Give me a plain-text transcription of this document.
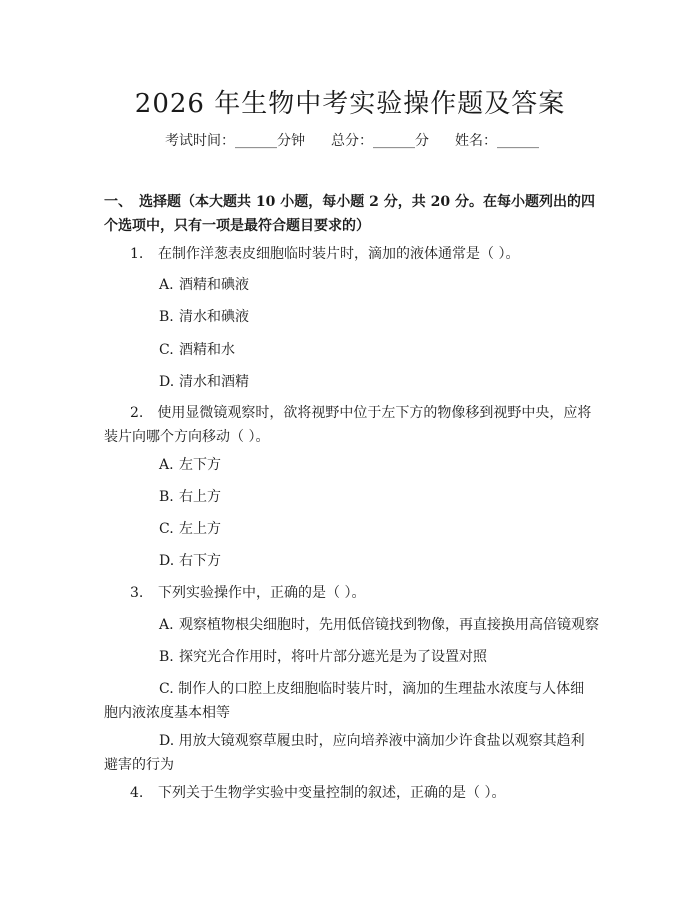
2026 年生物中考实验操作题及答案
考试时间：______分钟 总分：______分 姓名：______
一、　选择题（本大题共 10 小题，每小题 2 分，共 20 分。在每小题列出的四个选项中，只有一项是最符合题目要求的）
1. 在制作洋葱表皮细胞临时装片时，滴加的液体通常是（ ）。
A. 酒精和碘液
B. 清水和碘液
C. 酒精和水
D. 清水和酒精
2.　使用显微镜观察时，欲将视野中位于左下方的物像移到视野中央，应将装片向哪个方向移动（ ）。
A. 左下方
B. 右上方
C. 左上方
D. 右下方
3. 下列实验操作中，正确的是（ ）。
A. 观察植物根尖细胞时，先用低倍镜找到物像，再直接换用高倍镜观察
B. 探究光合作用时，将叶片部分遮光是为了设置对照
C. 制作人的口腔上皮细胞临时装片时，滴加的生理盐水浓度与人体细胞内液浓度基本相等
D. 用放大镜观察草履虫时，应向培养液中滴加少许食盐以观察其趋利避害的行为
4. 下列关于生物学实验中变量控制的叙述，正确的是（ ）。
